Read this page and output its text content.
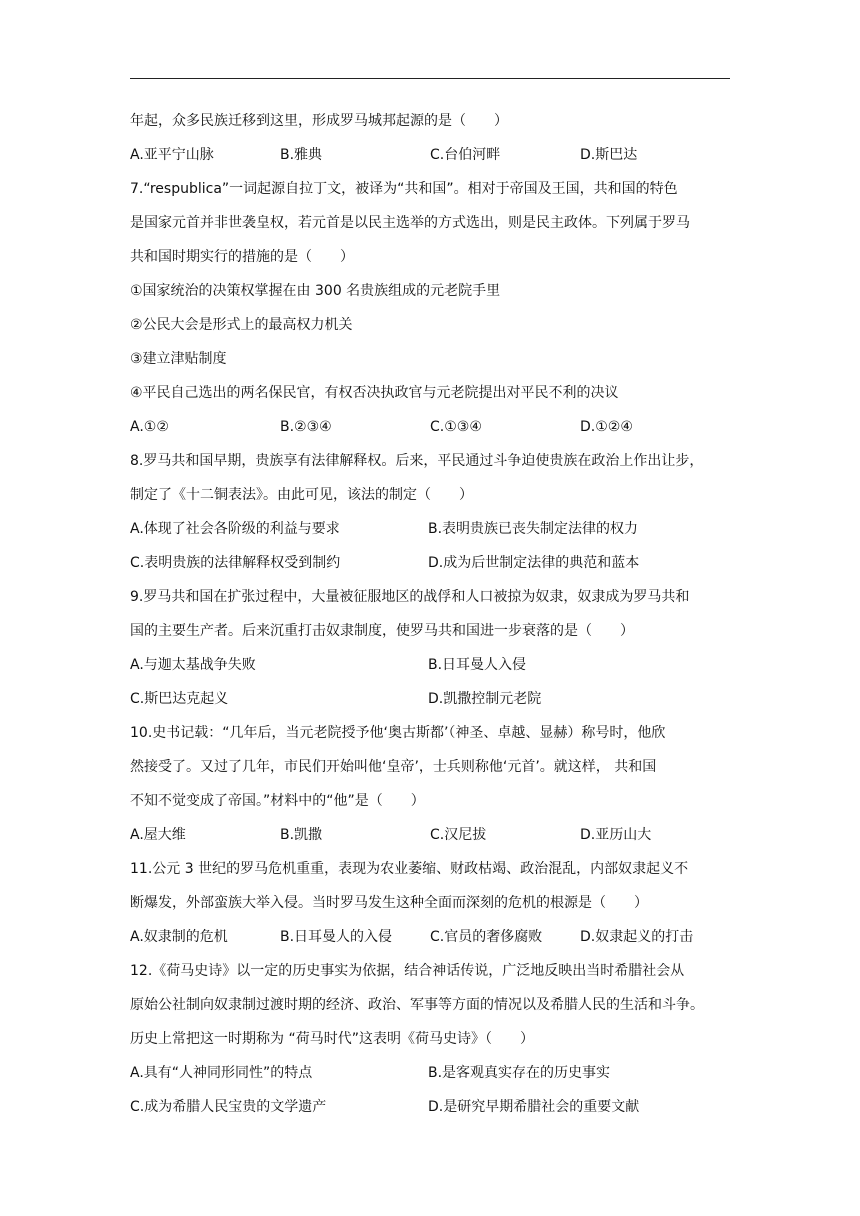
年起，众多民族迁移到这里，形成罗马城邦起源的是（　　）
A.亚平宁山脉	B.雅典	C.台伯河畔	D.斯巴达
7.“respublica”一词起源自拉丁文，被译为“共和国”。相对于帝国及王国，共和国的特色
是国家元首并非世袭皇权，若元首是以民主选举的方式选出，则是民主政体。下列属于罗马
共和国时期实行的措施的是（　　）
①国家统治的决策权掌握在由 300 名贵族组成的元老院手里
②公民大会是形式上的最高权力机关
③建立津贴制度
④平民自己选出的两名保民官，有权否决执政官与元老院提出对平民不利的决议
A.①②	B.②③④	C.①③④	D.①②④
8.罗马共和国早期，贵族享有法律解释权。后来，平民通过斗争迫使贵族在政治上作出让步，
制定了《十二铜表法》。由此可见，该法的制定（　　）
A.体现了社会各阶级的利益与要求	B.表明贵族已丧失制定法律的权力
C.表明贵族的法律解释权受到制约	D.成为后世制定法律的典范和蓝本
9.罗马共和国在扩张过程中，大量被征服地区的战俘和人口被掠为奴隶，奴隶成为罗马共和
国的主要生产者。后来沉重打击奴隶制度，使罗马共和国进一步衰落的是（　　）
A.与迦太基战争失败	B.日耳曼人入侵
C.斯巴达克起义	D.凯撒控制元老院
10.史书记载：“几年后，当元老院授予他‘奥古斯都’（神圣、卓越、显赫）称号时，他欣
然接受了。又过了几年，市民们开始叫他‘皇帝’，士兵则称他‘元首’。就这样， 共和国
不知不觉变成了帝国。”材料中的“他”是（　　）
A.屋大维	B.凯撒	C.汉尼拔	D.亚历山大
11.公元 3 世纪的罗马危机重重，表现为农业萎缩、财政枯竭、政治混乱，内部奴隶起义不
断爆发，外部蛮族大举入侵。当时罗马发生这种全面而深刻的危机的根源是（　　）
A.奴隶制的危机	B.日耳曼人的入侵	C.官员的奢侈腐败	D.奴隶起义的打击
12.《荷马史诗》以一定的历史事实为依据，结合神话传说，广泛地反映出当时希腊社会从
原始公社制向奴隶制过渡时期的经济、政治、军事等方面的情况以及希腊人民的生活和斗争。
历史上常把这一时期称为 “荷马时代”这表明《荷马史诗》（　　）
A.具有“人神同形同性”的特点	B.是客观真实存在的历史事实
C.成为希腊人民宝贵的文学遗产	D.是研究早期希腊社会的重要文献
